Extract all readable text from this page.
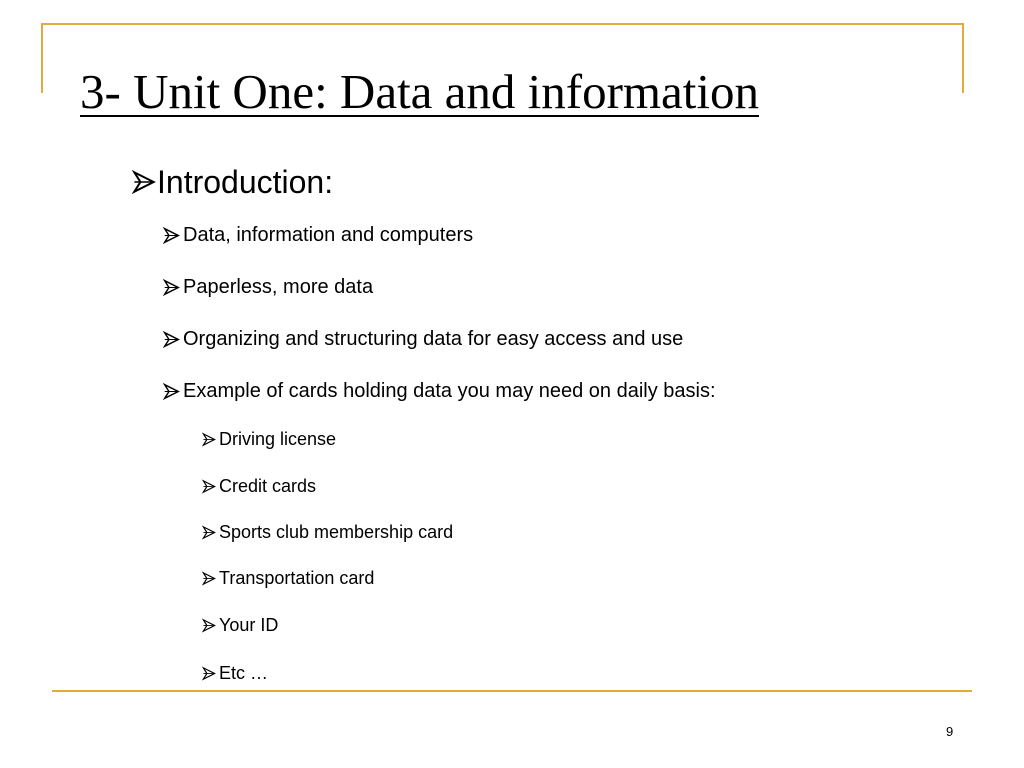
3- Unit One: Data and information
Introduction:
Data, information and computers
Paperless, more data
Organizing and structuring data for easy access and use
Example of cards holding data you may need on daily basis:
Driving license
Credit cards
Sports club membership card
Transportation card
Your ID
Etc …
9
